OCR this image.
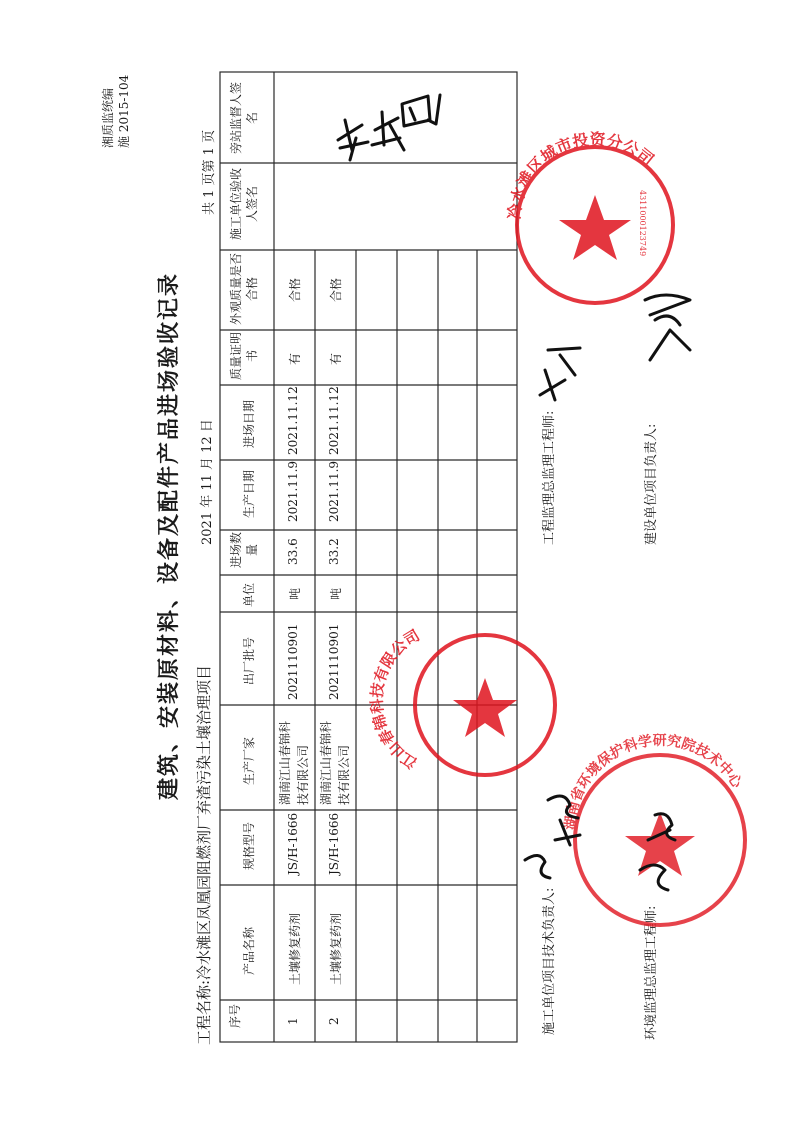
湘质监统编 施 2015-104
建筑、安装原材料、设备及配件产品进场验收记录
工程名称:冷水滩区凤凰园阻燃剂厂弃渣污染土壤治理项目
2021 年 11 月 12 日
共 1 页第 1 页
序号
产品名称
规格型号
生产厂家
出厂批号
单位
进场数量
生产日期
进场日期
质量证明书
外观质量是否合格
施工单位验收人签名
旁站监督人签名
1
土壤修复药剂
JS/H-1666
湖南江山春锦科技有限公司
2021110901
吨
33.6
2021.11.9
2021.11.12
有
合格
2
土壤修复药剂
JS/H-1666
湖南江山春锦科技有限公司
2021110901
吨
33.2
2021.11.9
2021.11.12
有
合格
施工单位项目技术负责人:
工程监理总监理工程师:
环境监理总监理工程师:
建设单位项目负责人:
冷水滩区城市投资分公司
4311000123749
江山春锦科技有限公司
湖南省环境保护科学研究院技术中心
